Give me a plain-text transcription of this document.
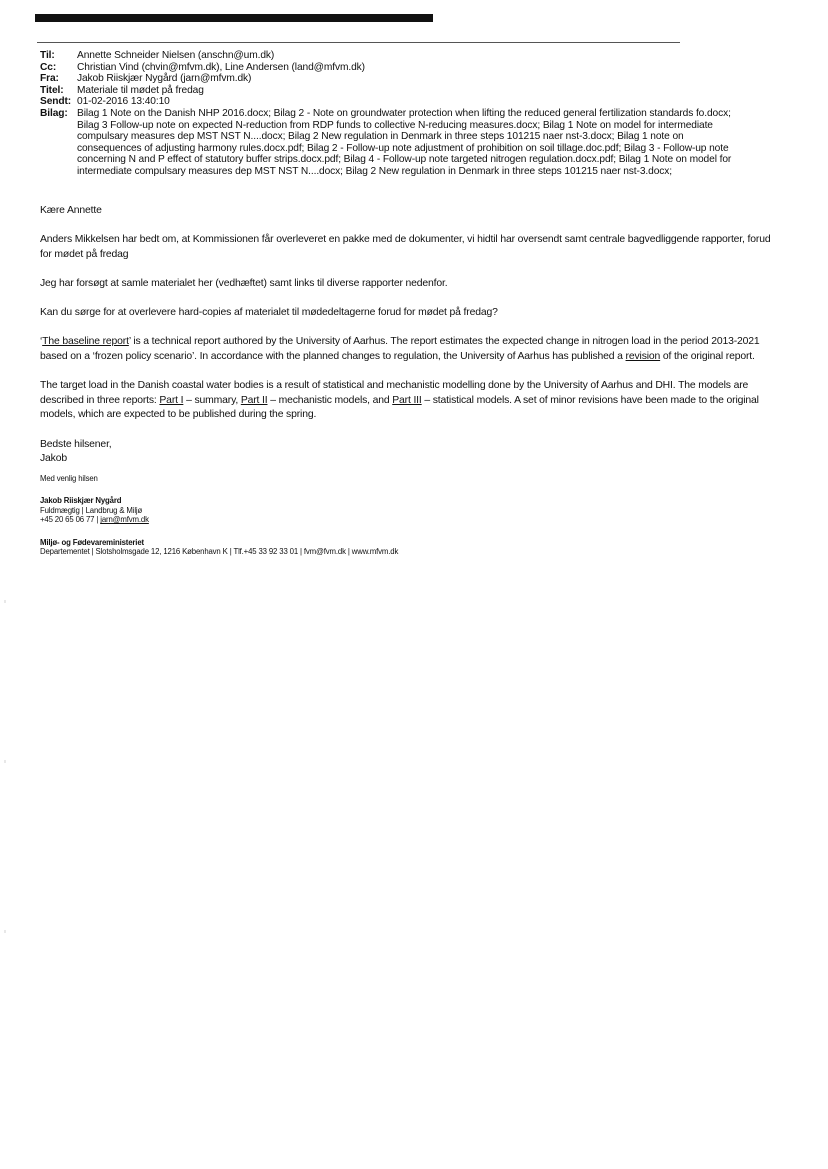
Til:	Annette Schneider Nielsen (anschn@um.dk)
Cc:	Christian Vind (chvin@mfvm.dk), Line Andersen (land@mfvm.dk)
Fra:	Jakob Riiskjær Nygård (jarn@mfvm.dk)
Titel:	Materiale til mødet på fredag
Sendt: 01-02-2016 13:40:10
Bilag: Bilag 1 Note on the Danish NHP 2016.docx; Bilag 2 - Note on groundwater protection when lifting the reduced general fertilization standards fo.docx;
Bilag 3 Follow-up note on expected N-reduction from RDP funds to collective N-reducing measures.docx; Bilag 1 Note on model for intermediate
compulsary measures dep MST NST N....docx; Bilag 2 New regulation in Denmark in three steps 101215 naer nst-3.docx; Bilag 1 note on
consequences of adjusting harmony rules.docx.pdf; Bilag 2 - Follow-up note adjustment of prohibition on soil tillage.doc.pdf; Bilag 3 - Follow-up note
concerning N and P effect of statutory buffer strips.docx.pdf; Bilag 4 - Follow-up note targeted nitrogen regulation.docx.pdf; Bilag 1 Note on model for
intermediate compulsary measures dep MST NST N....docx; Bilag 2 New regulation in Denmark in three steps 101215 naer nst-3.docx;

Kære Annette

Anders Mikkelsen har bedt om, at Kommissionen får overleveret en pakke med de dokumenter, vi hidtil har oversendt samt centrale bagvedliggende rapporter, forud for mødet på fredag

Jeg har forsøgt at samle materialet her (vedhæftet) samt links til diverse rapporter nedenfor.

Kan du sørge for at overlevere hard-copies af materialet til mødedeltagerne forud for mødet på fredag?

‘The baseline report’ is a technical report authored by the University of Aarhus. The report estimates the expected change in nitrogen load in the period 2013-2021 based on a ‘frozen policy scenario’. In accordance with the planned changes to regulation, the University of Aarhus has published a revision of the original report.

The target load in the Danish coastal water bodies is a result of statistical and mechanistic modelling done by the University of Aarhus and DHI. The models are described in three reports: Part I – summary, Part II – mechanistic models, and Part III – statistical models. A set of minor revisions have been made to the original models, which are expected to be published during the spring.

Bedste hilsener,
Jakob
Med venlig hilsen
Jakob Riiskjær Nygård
Fuldmægtig | Landbrug & Miljø
+45 20 65 06 77 | jarn@mfvm.dk
Miljø- og Fødevareministeriet
Departementet | Slotsholmsgade 12, 1216 København K | Tlf.+45 33 92 33 01 | fvm@fvm.dk | www.mfvm.dk
